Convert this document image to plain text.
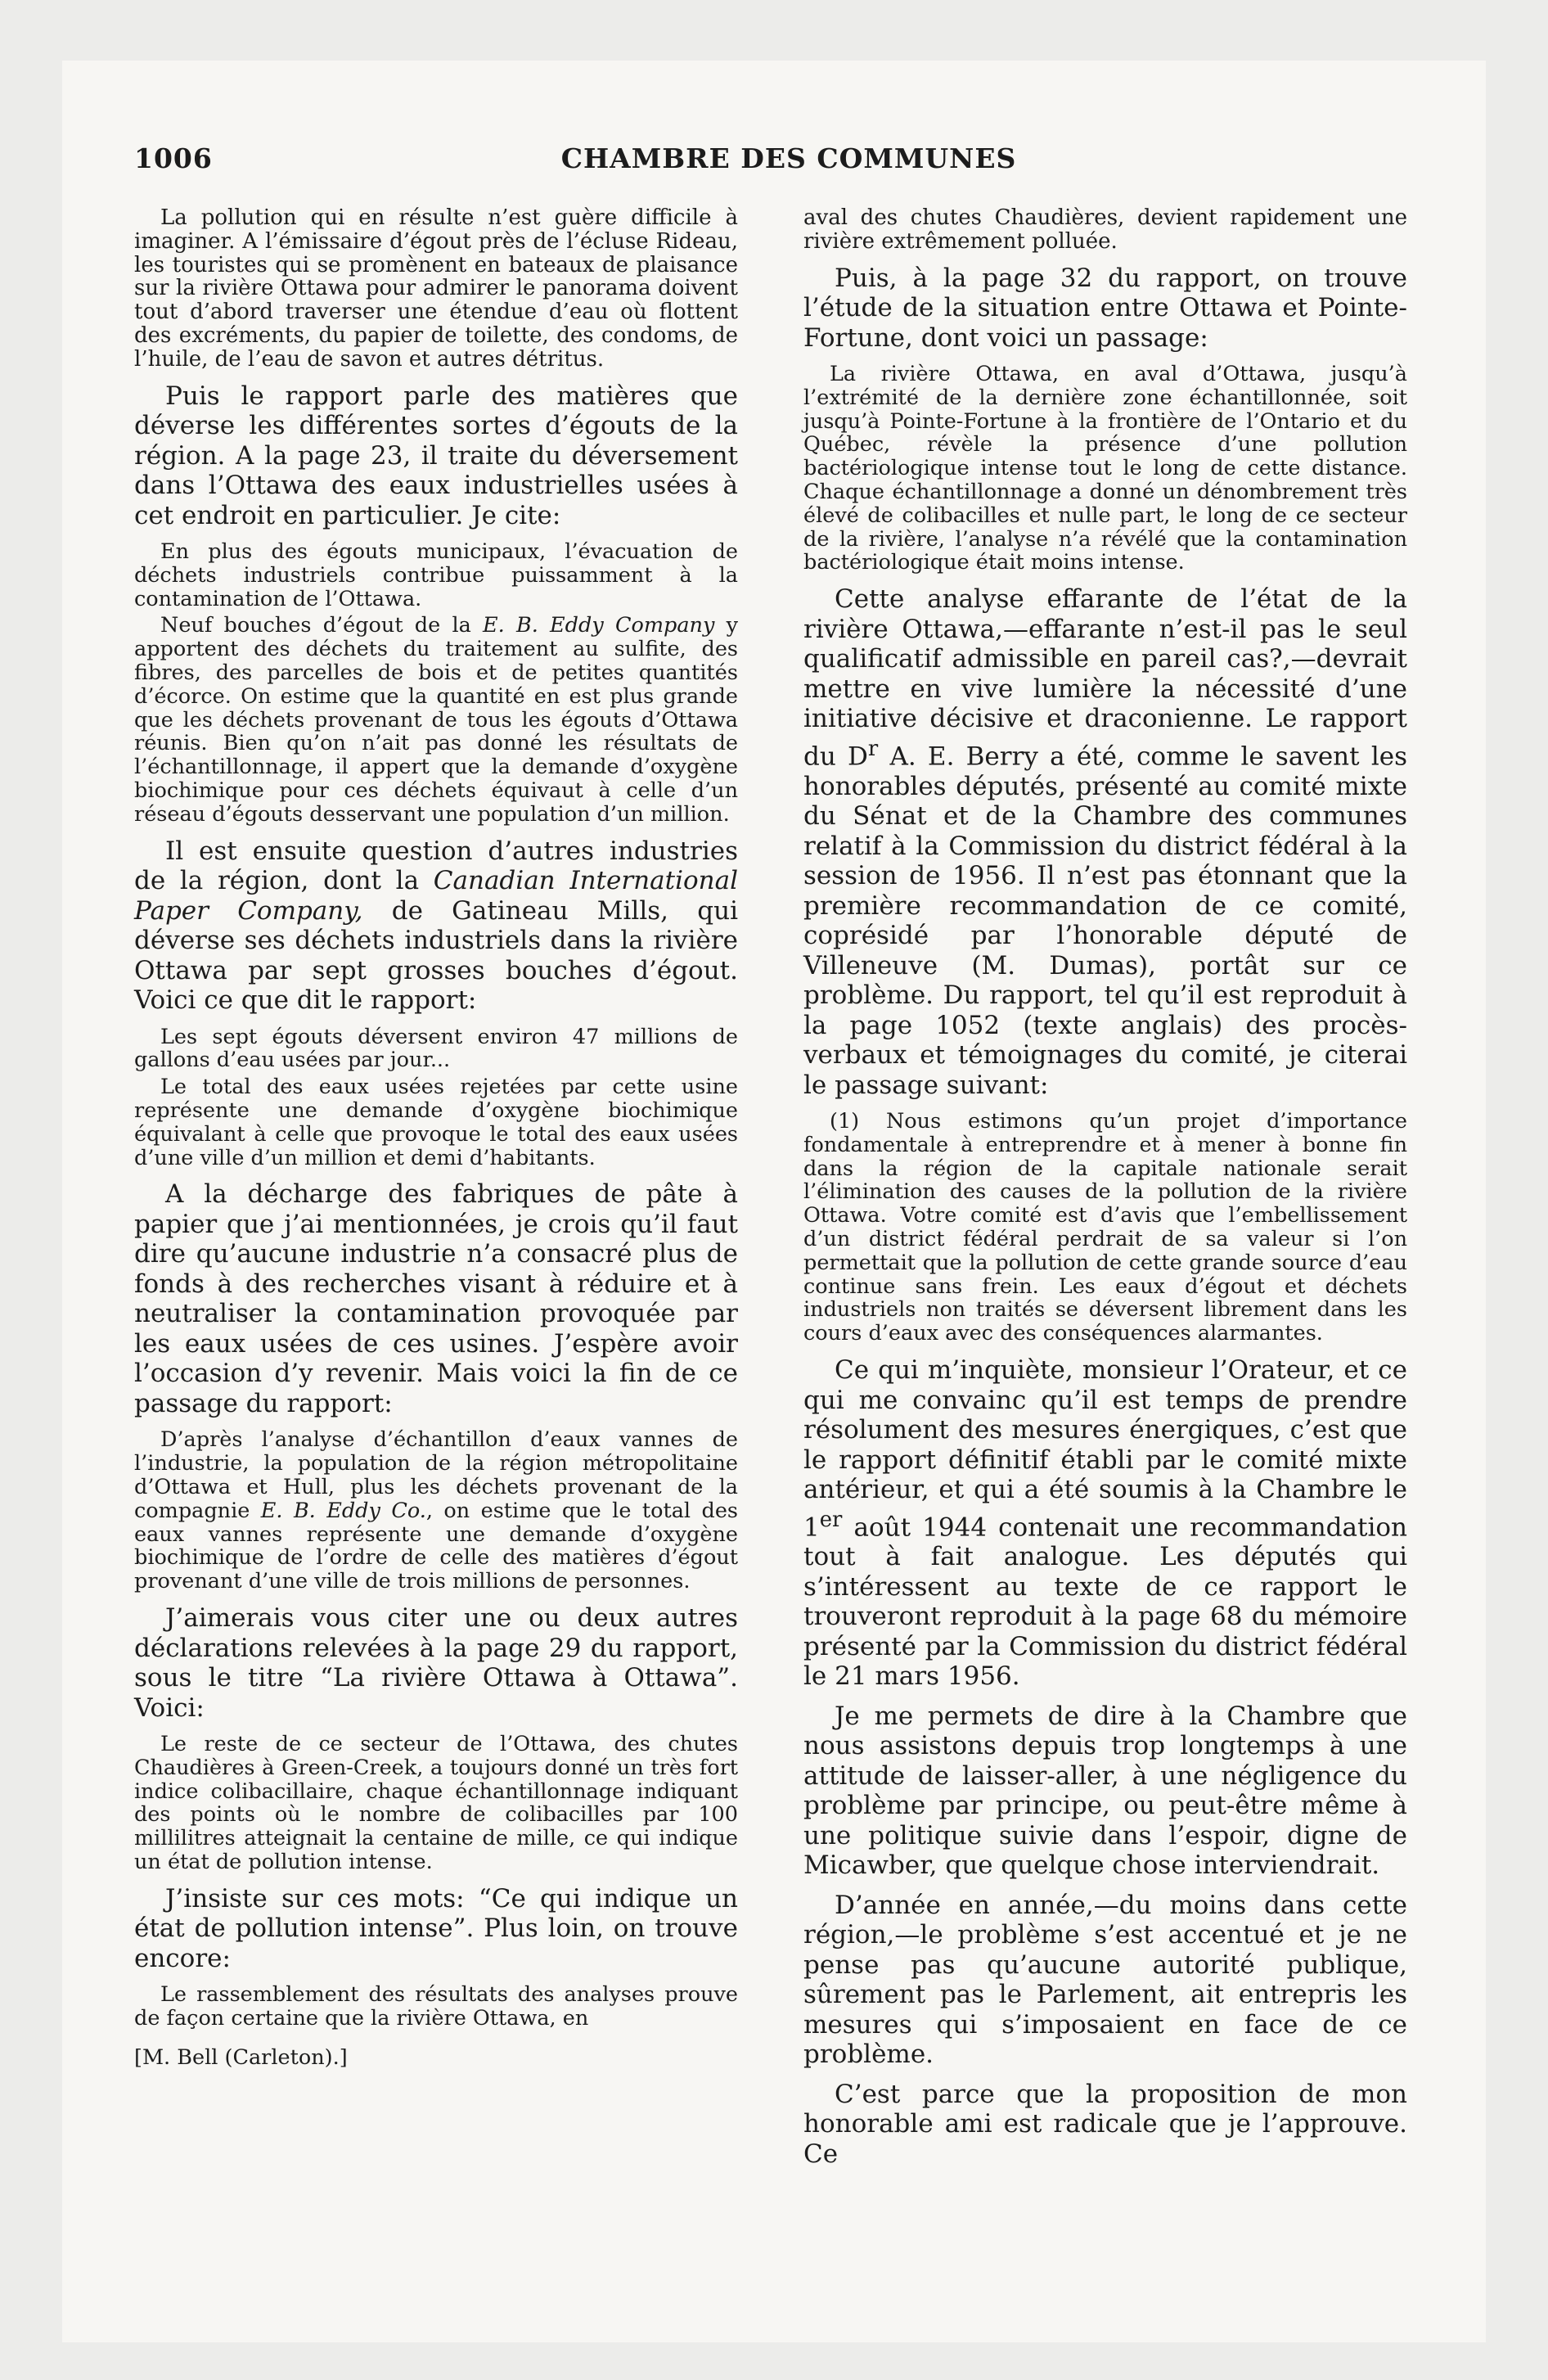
1006	CHAMBRE DES COMMUNES

La pollution qui en résulte n’est guère difficile à imaginer. A l’émissaire d’égout près de l’écluse Rideau, les touristes qui se promènent en bateaux de plaisance sur la rivière Ottawa pour admirer le panorama doivent tout d’abord traverser une étendue d’eau où flottent des excréments, du papier de toilette, des condoms, de l’huile, de l’eau de savon et autres détritus.

Puis le rapport parle des matières que déverse les différentes sortes d’égouts de la région. A la page 23, il traite du déversement dans l’Ottawa des eaux industrielles usées à cet endroit en particulier. Je cite:

En plus des égouts municipaux, l’évacuation de déchets industriels contribue puissamment à la contamination de l’Ottawa.

Neuf bouches d’égout de la E. B. Eddy Company y apportent des déchets du traitement au sulfite, des fibres, des parcelles de bois et de petites quantités d’écorce. On estime que la quantité en est plus grande que les déchets provenant de tous les égouts d’Ottawa réunis. Bien qu’on n’ait pas donné les résultats de l’échantillonnage, il appert que la demande d’oxygène biochimique pour ces déchets équivaut à celle d’un réseau d’égouts desservant une population d’un million.

Il est ensuite question d’autres industries de la région, dont la Canadian International Paper Company, de Gatineau Mills, qui déverse ses déchets industriels dans la rivière Ottawa par sept grosses bouches d’égout. Voici ce que dit le rapport:

Les sept égouts déversent environ 47 millions de gallons d’eau usées par jour...

Le total des eaux usées rejetées par cette usine représente une demande d’oxygène biochimique équivalant à celle que provoque le total des eaux usées d’une ville d’un million et demi d’habitants.

A la décharge des fabriques de pâte à papier que j’ai mentionnées, je crois qu’il faut dire qu’aucune industrie n’a consacré plus de fonds à des recherches visant à réduire et à neutraliser la contamination provoquée par les eaux usées de ces usines. J’espère avoir l’occasion d’y revenir. Mais voici la fin de ce passage du rapport:

D’après l’analyse d’échantillon d’eaux vannes de l’industrie, la population de la région métropolitaine d’Ottawa et Hull, plus les déchets provenant de la compagnie E. B. Eddy Co., on estime que le total des eaux vannes représente une demande d’oxygène biochimique de l’ordre de celle des matières d’égout provenant d’une ville de trois millions de personnes.

J’aimerais vous citer une ou deux autres déclarations relevées à la page 29 du rapport, sous le titre “La rivière Ottawa à Ottawa”. Voici:

Le reste de ce secteur de l’Ottawa, des chutes Chaudières à Green-Creek, a toujours donné un très fort indice colibacillaire, chaque échantillonnage indiquant des points où le nombre de colibacilles par 100 millilitres atteignait la centaine de mille, ce qui indique un état de pollution intense.

J’insiste sur ces mots: “Ce qui indique un état de pollution intense”. Plus loin, on trouve encore:

Le rassemblement des résultats des analyses prouve de façon certaine que la rivière Ottawa, en

[M. Bell (Carleton).]

aval des chutes Chaudières, devient rapidement une rivière extrêmement polluée.

Puis, à la page 32 du rapport, on trouve l’étude de la situation entre Ottawa et Pointe-Fortune, dont voici un passage:

La rivière Ottawa, en aval d’Ottawa, jusqu’à l’extrémité de la dernière zone échantillonnée, soit jusqu’à Pointe-Fortune à la frontière de l’Ontario et du Québec, révèle la présence d’une pollution bactériologique intense tout le long de cette distance. Chaque échantillonnage a donné un dénombrement très élevé de colibacilles et nulle part, le long de ce secteur de la rivière, l’analyse n’a révélé que la contamination bactériologique était moins intense.

Cette analyse effarante de l’état de la rivière Ottawa,—effarante n’est-il pas le seul qualificatif admissible en pareil cas?,—devrait mettre en vive lumière la nécessité d’une initiative décisive et draconienne. Le rapport du $D^r$ A. E. Berry a été, comme le savent les honorables députés, présenté au comité mixte du Sénat et de la Chambre des communes relatif à la Commission du district fédéral à la session de 1956. Il n’est pas étonnant que la première recommandation de ce comité, coprésidé par l’honorable député de Villeneuve (M. Dumas), portât sur ce problème. Du rapport, tel qu’il est reproduit à la page 1052 (texte anglais) des procès-verbaux et témoignages du comité, je citerai le passage suivant:

(1) Nous estimons qu’un projet d’importance fondamentale à entreprendre et à mener à bonne fin dans la région de la capitale nationale serait l’élimination des causes de la pollution de la rivière Ottawa. Votre comité est d’avis que l’embellissement d’un district fédéral perdrait de sa valeur si l’on permettait que la pollution de cette grande source d’eau continue sans frein. Les eaux d’égout et déchets industriels non traités se déversent librement dans les cours d’eaux avec des conséquences alarmantes.

Ce qui m’inquiète, monsieur l’Orateur, et ce qui me convainc qu’il est temps de prendre résolument des mesures énergiques, c’est que le rapport définitif établi par le comité mixte antérieur, et qui a été soumis à la Chambre le 1er août 1944 contenait une recommandation tout à fait analogue. Les députés qui s’intéressent au texte de ce rapport le trouveront reproduit à la page 68 du mémoire présenté par la Commission du district fédéral le 21 mars 1956.

Je me permets de dire à la Chambre que nous assistons depuis trop longtemps à une attitude de laisser-aller, à une négligence du problème par principe, ou peut-être même à une politique suivie dans l’espoir, digne de Micawber, que quelque chose interviendrait.

D’année en année,—du moins dans cette région,—le problème s’est accentué et je ne pense pas qu’aucune autorité publique, sûrement pas le Parlement, ait entrepris les mesures qui s’imposaient en face de ce problème.

C’est parce que la proposition de mon honorable ami est radicale que je l’approuve. Ce
